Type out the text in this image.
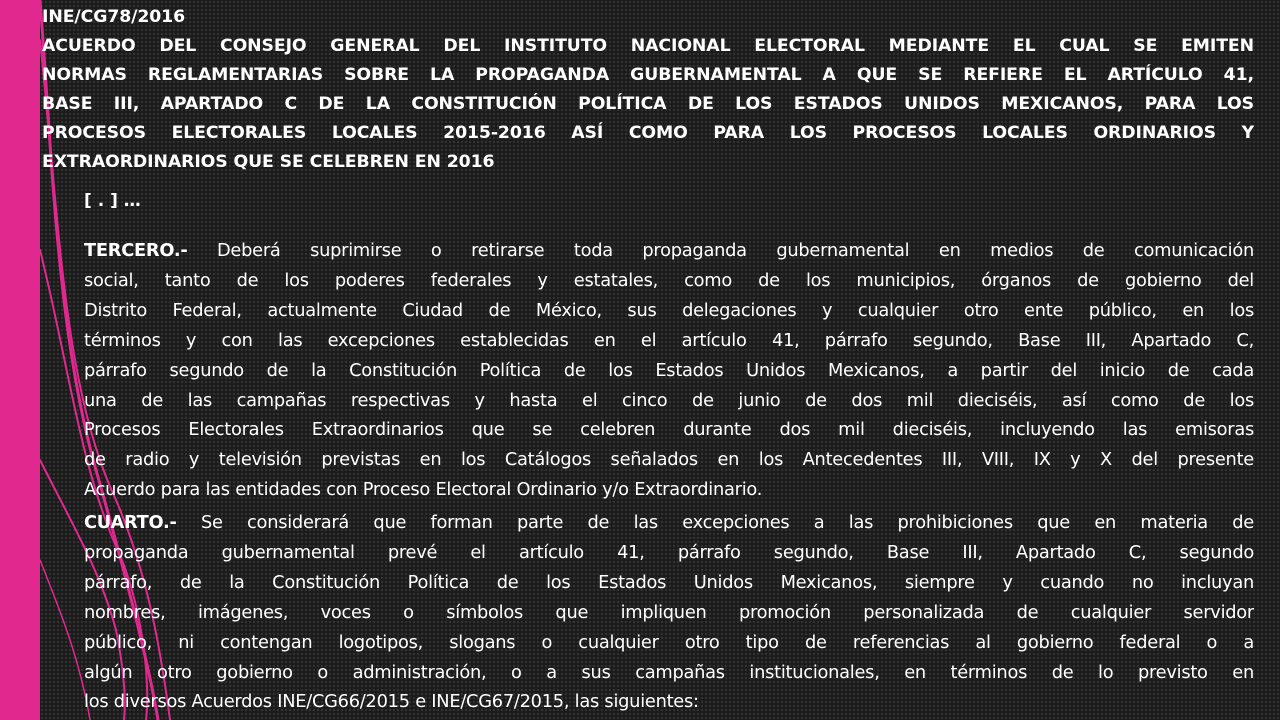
INE/CG78/2016
ACUERDO DEL CONSEJO GENERAL DEL INSTITUTO NACIONAL ELECTORAL MEDIANTE EL CUAL SE EMITEN
NORMAS REGLAMENTARIAS SOBRE LA PROPAGANDA GUBERNAMENTAL A QUE SE REFIERE EL ARTÍCULO 41,
BASE III, APARTADO C DE LA CONSTITUCIÓN POLÍTICA DE LOS ESTADOS UNIDOS MEXICANOS, PARA LOS
PROCESOS ELECTORALES LOCALES 2015-2016 ASÍ COMO PARA LOS PROCESOS LOCALES ORDINARIOS Y
EXTRAORDINARIOS QUE SE CELEBREN EN 2016
[ . ] …
TERCERO.- Deberá suprimirse o retirarse toda propaganda gubernamental en medios de comunicación
social, tanto de los poderes federales y estatales, como de los municipios, órganos de gobierno del
Distrito Federal, actualmente Ciudad de México, sus delegaciones y cualquier otro ente público, en los
términos y con las excepciones establecidas en el artículo 41, párrafo segundo, Base III, Apartado C,
párrafo segundo de la Constitución Política de los Estados Unidos Mexicanos, a partir del inicio de cada
una de las campañas respectivas y hasta el cinco de junio de dos mil dieciséis, así como de los
Procesos Electorales Extraordinarios que se celebren durante dos mil dieciséis, incluyendo las emisoras
de radio y televisión previstas en los Catálogos señalados en los Antecedentes III, VIII, IX y X del presente
Acuerdo para las entidades con Proceso Electoral Ordinario y/o Extraordinario.
CUARTO.- Se considerará que forman parte de las excepciones a las prohibiciones que en materia de
propaganda gubernamental prevé el artículo 41, párrafo segundo, Base III, Apartado C, segundo
párrafo, de la Constitución Política de los Estados Unidos Mexicanos, siempre y cuando no incluyan
nombres, imágenes, voces o símbolos que impliquen promoción personalizada de cualquier servidor
público, ni contengan logotipos, slogans o cualquier otro tipo de referencias al gobierno federal o a
algún otro gobierno o administración, o a sus campañas institucionales, en términos de lo previsto en
los diversos Acuerdos INE/CG66/2015 e INE/CG67/2015, las siguientes:
